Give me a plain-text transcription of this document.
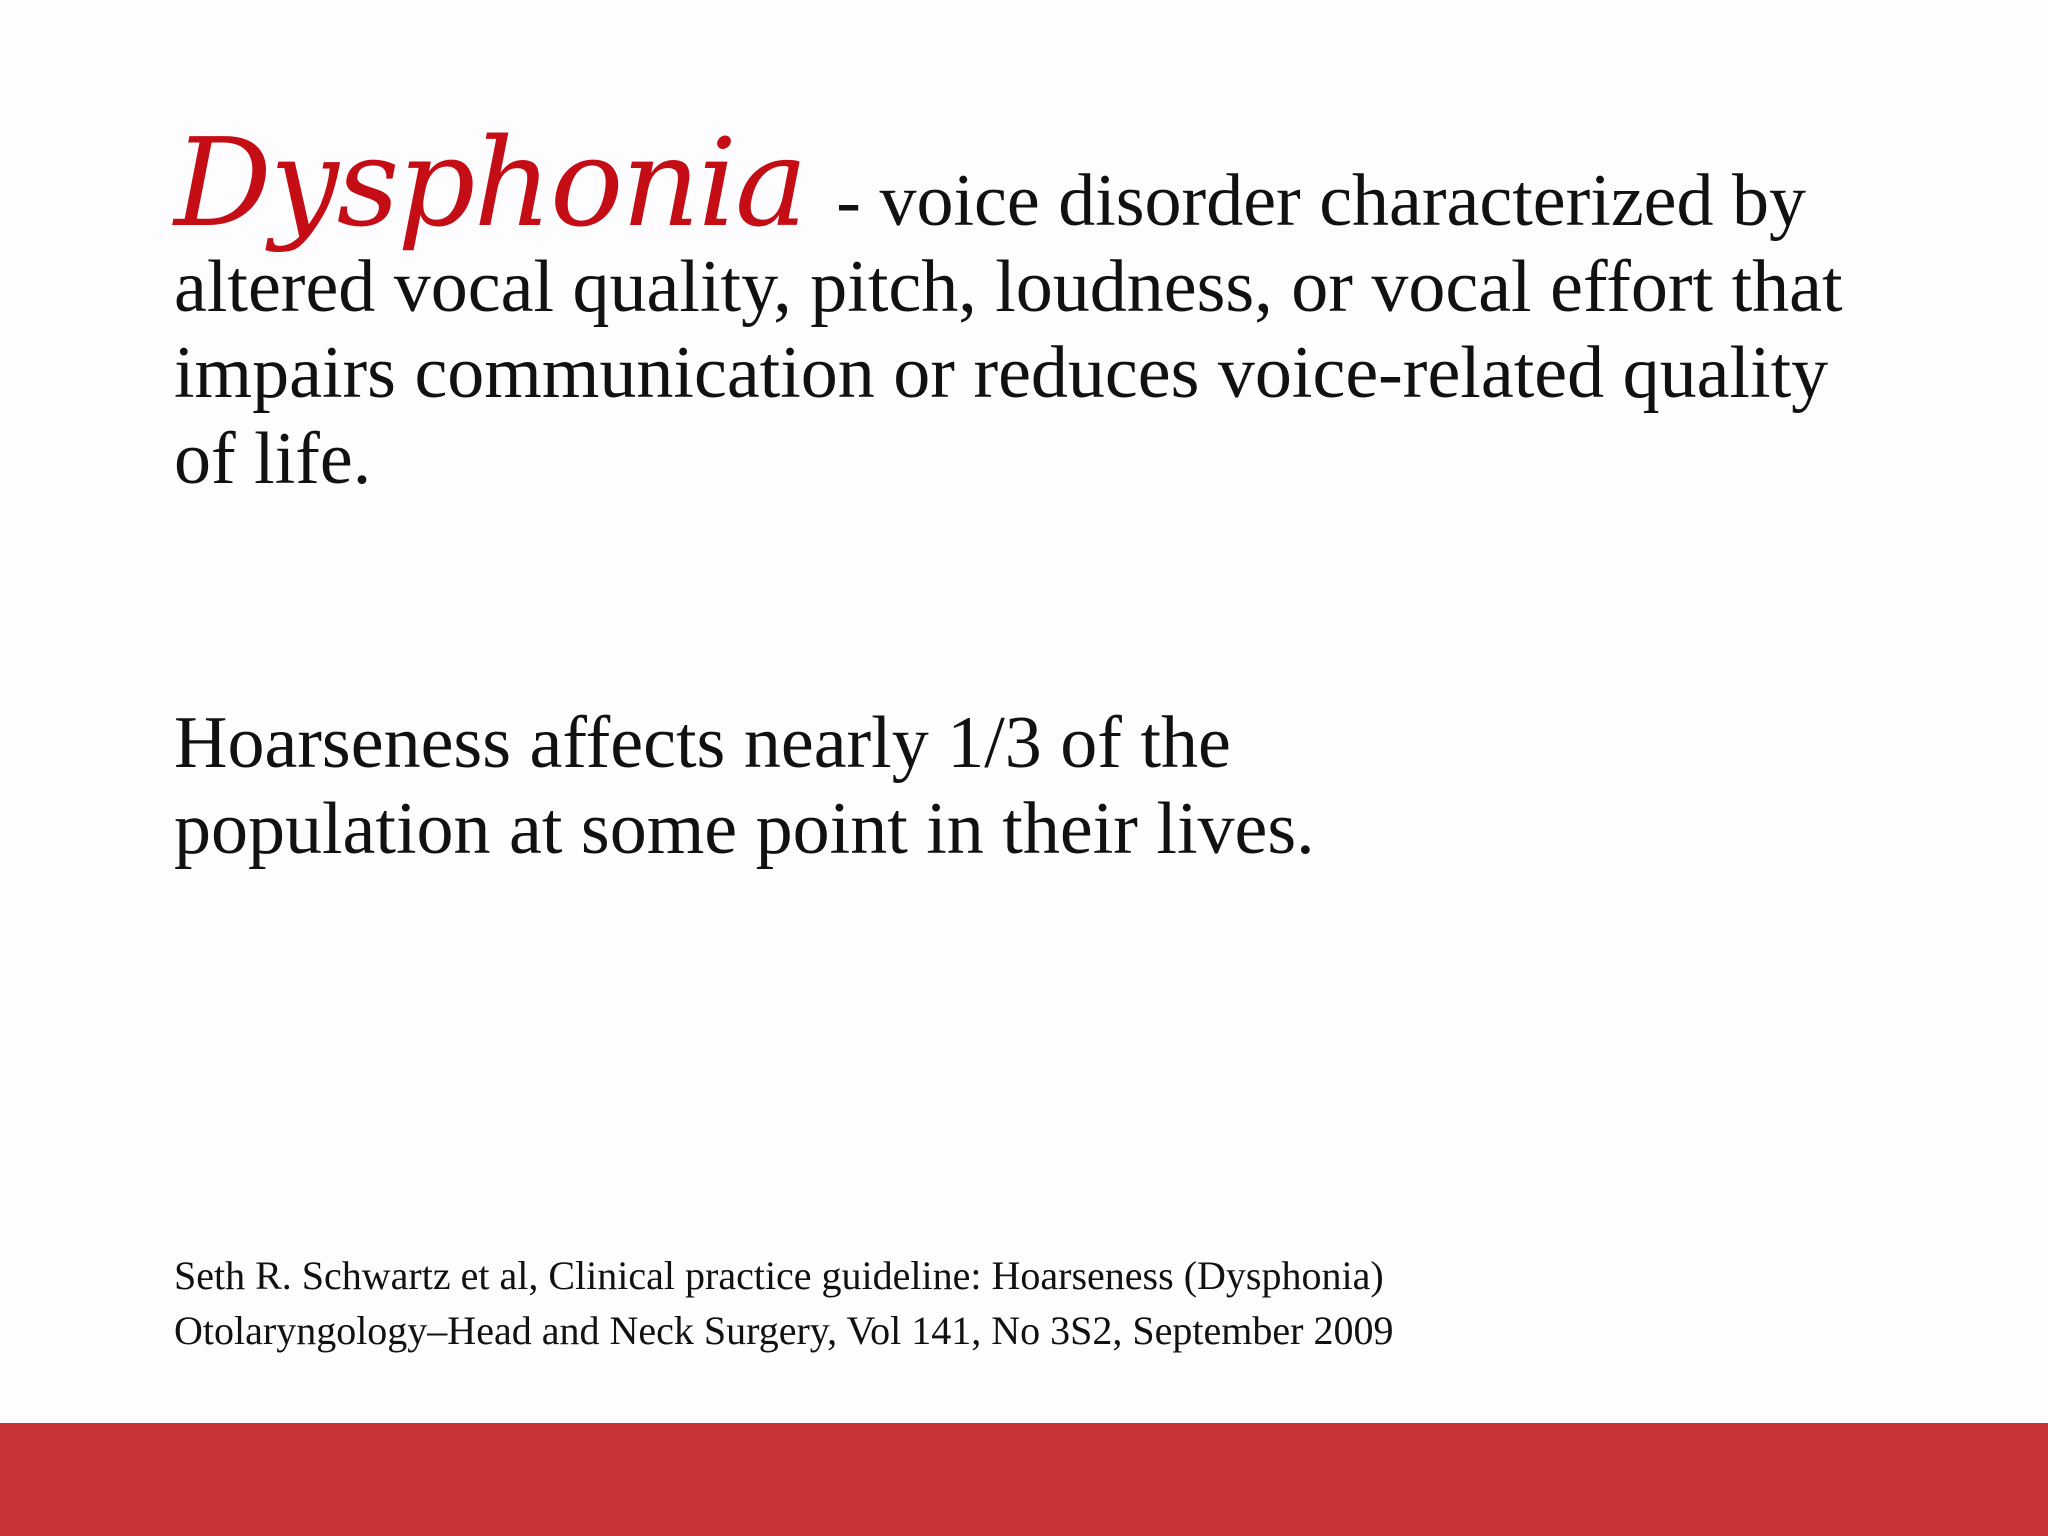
Dysphonia - voice disorder characterized by altered vocal quality, pitch, loudness, or vocal effort that impairs communication or reduces voice-related quality of life.

Hoarseness affects nearly 1/3 of the population at some point in their lives.

Seth R. Schwartz et al, Clinical practice guideline: Hoarseness (Dysphonia)
Otolaryngology–Head and Neck Surgery, Vol 141, No 3S2, September 2009
